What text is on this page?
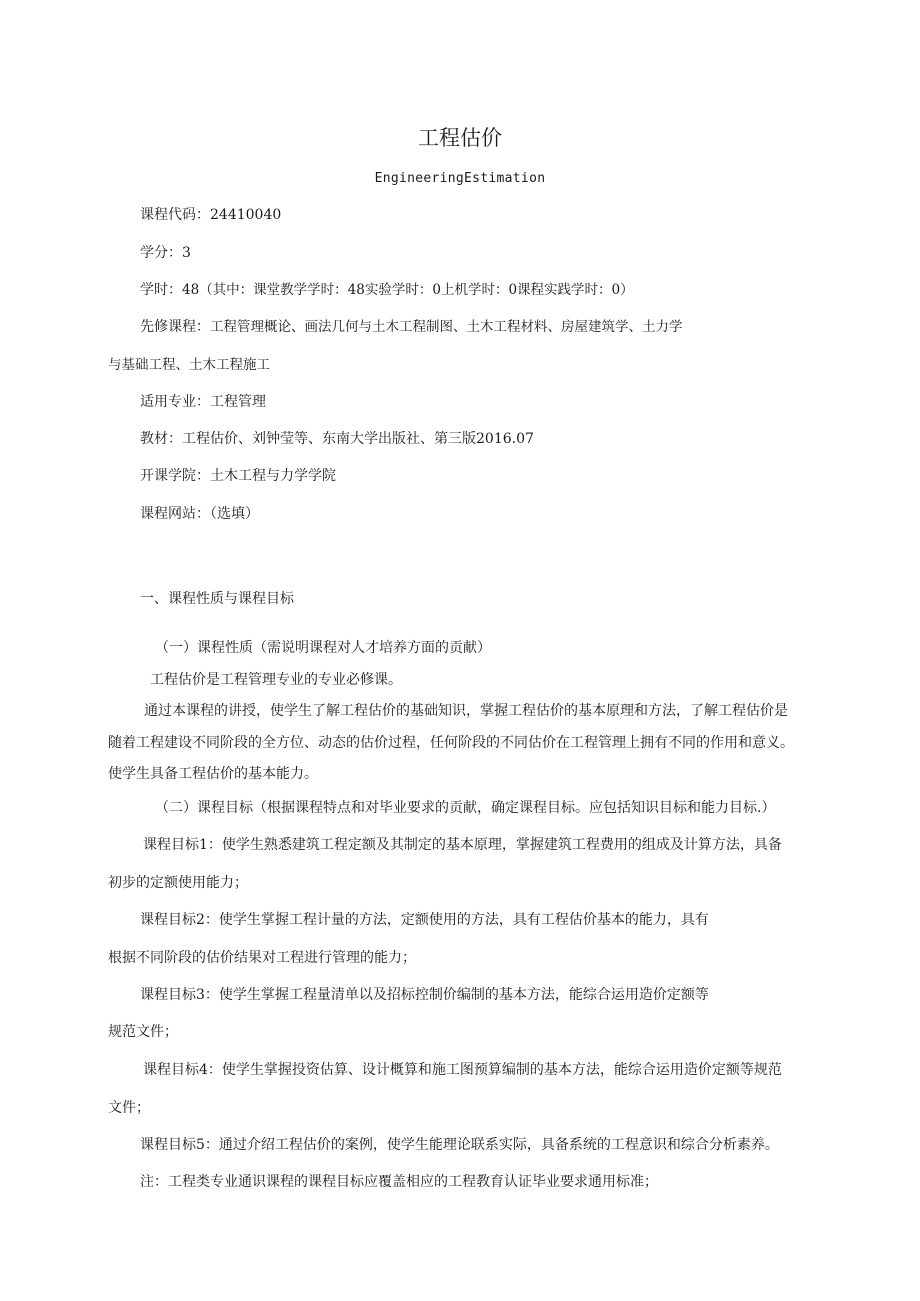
工程估价
EngineeringEstimation
课程代码：24410040
学分：3
学时：48（其中：课堂教学学时：48实验学时：0上机学时：0课程实践学时：0）
先修课程：工程管理概论、画法几何与土木工程制图、土木工程材料、房屋建筑学、土力学
与基础工程、土木工程施工
适用专业：工程管理
教材：工程估价、刘钟莹等、东南大学出版社、第三版2016.07
开课学院：土木工程与力学学院
课程网站：（选填）
一、课程性质与课程目标
（一）课程性质（需说明课程对人才培养方面的贡献）
工程估价是工程管理专业的专业必修课。
通过本课程的讲授，使学生了解工程估价的基础知识，掌握工程估价的基本原理和方法，了解工程估价是
随着工程建设不同阶段的全方位、动态的估价过程，任何阶段的不同估价在工程管理上拥有不同的作用和意义。
使学生具备工程估价的基本能力。
（二）课程目标（根据课程特点和对毕业要求的贡献，确定课程目标。应包括知识目标和能力目标.）
课程目标1：使学生熟悉建筑工程定额及其制定的基本原理，掌握建筑工程费用的组成及计算方法，具备
初步的定额使用能力；
课程目标2：使学生掌握工程计量的方法，定额使用的方法，具有工程估价基本的能力，具有
根据不同阶段的估价结果对工程进行管理的能力；
课程目标3：使学生掌握工程量清单以及招标控制价编制的基本方法，能综合运用造价定额等
规范文件；
课程目标4：使学生掌握投资估算、设计概算和施工图预算编制的基本方法，能综合运用造价定额等规范
文件；
课程目标5：通过介绍工程估价的案例，使学生能理论联系实际，具备系统的工程意识和综合分析素养。
注：工程类专业通识课程的课程目标应覆盖相应的工程教育认证毕业要求通用标准；
